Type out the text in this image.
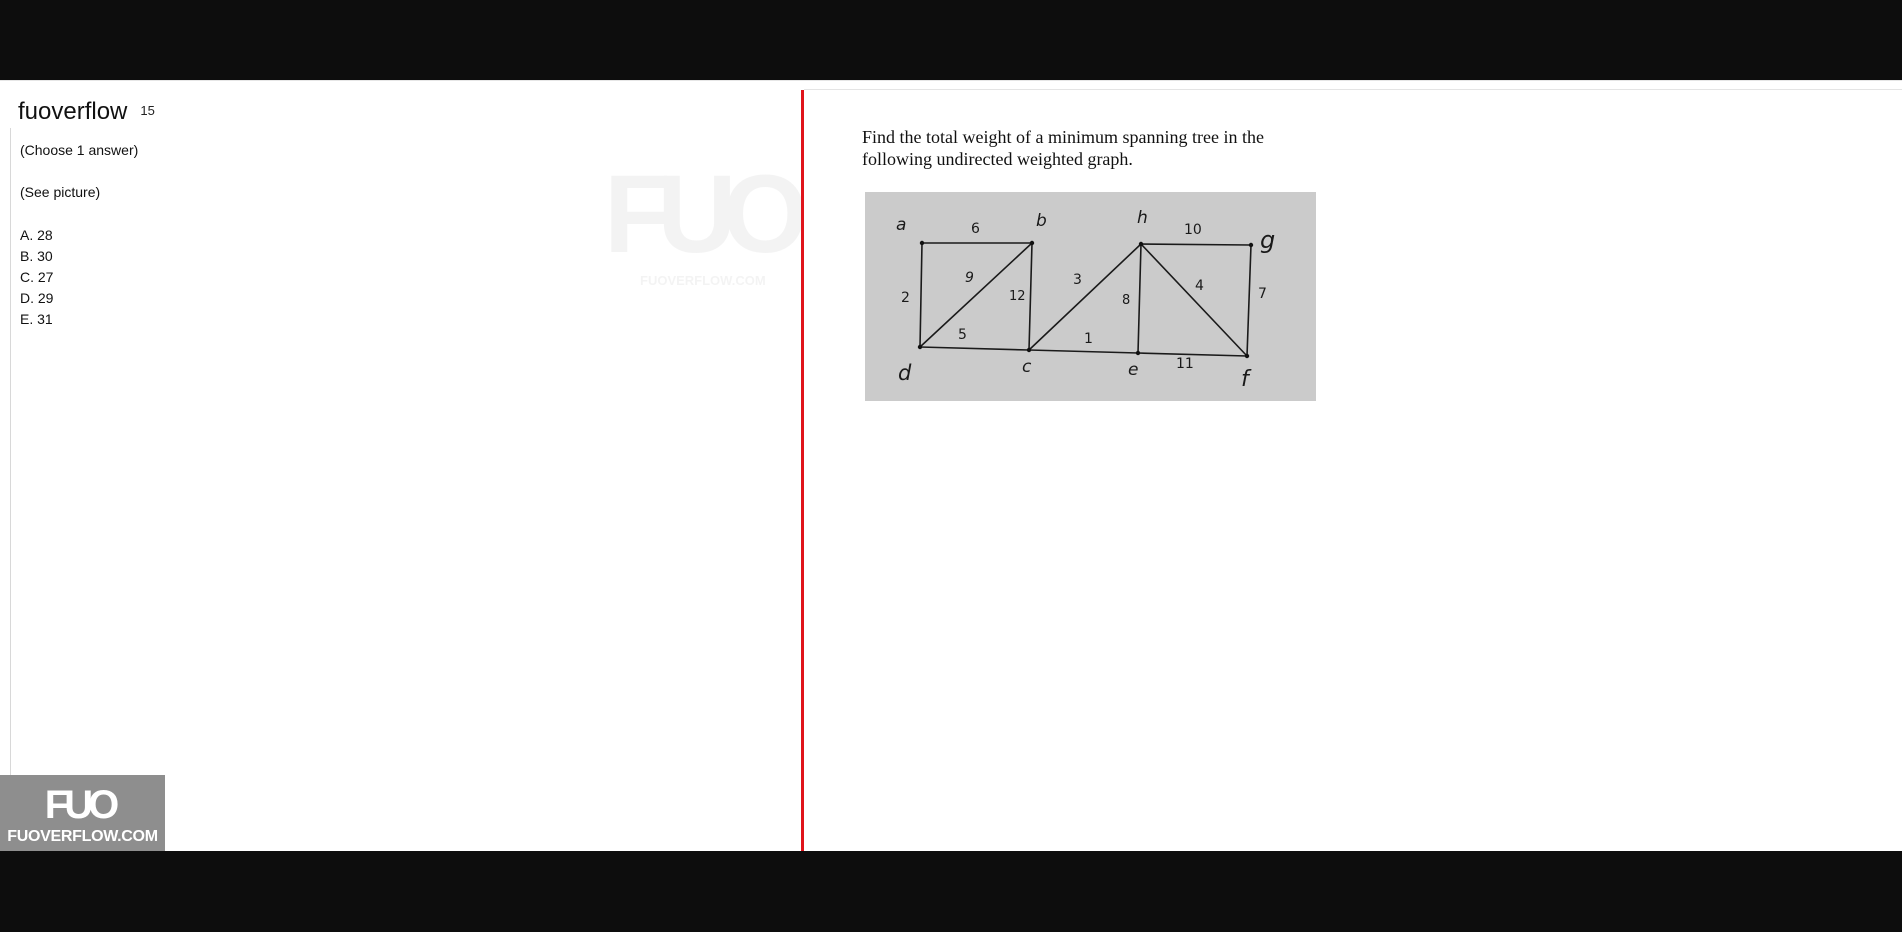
fuoverflow	15
(Choose 1 answer)
(See picture)
A. 28
B. 30
C. 27
D. 29
E. 31
FUO
FUOVERFLOW.COM
FUO
FUOVERFLOW.COM
Find the total weight of a minimum spanning tree in the following undirected weighted graph.
a	b	h
g
d	c	e	f
6	10
9	3	4
2	12	8	7
5	1
11
